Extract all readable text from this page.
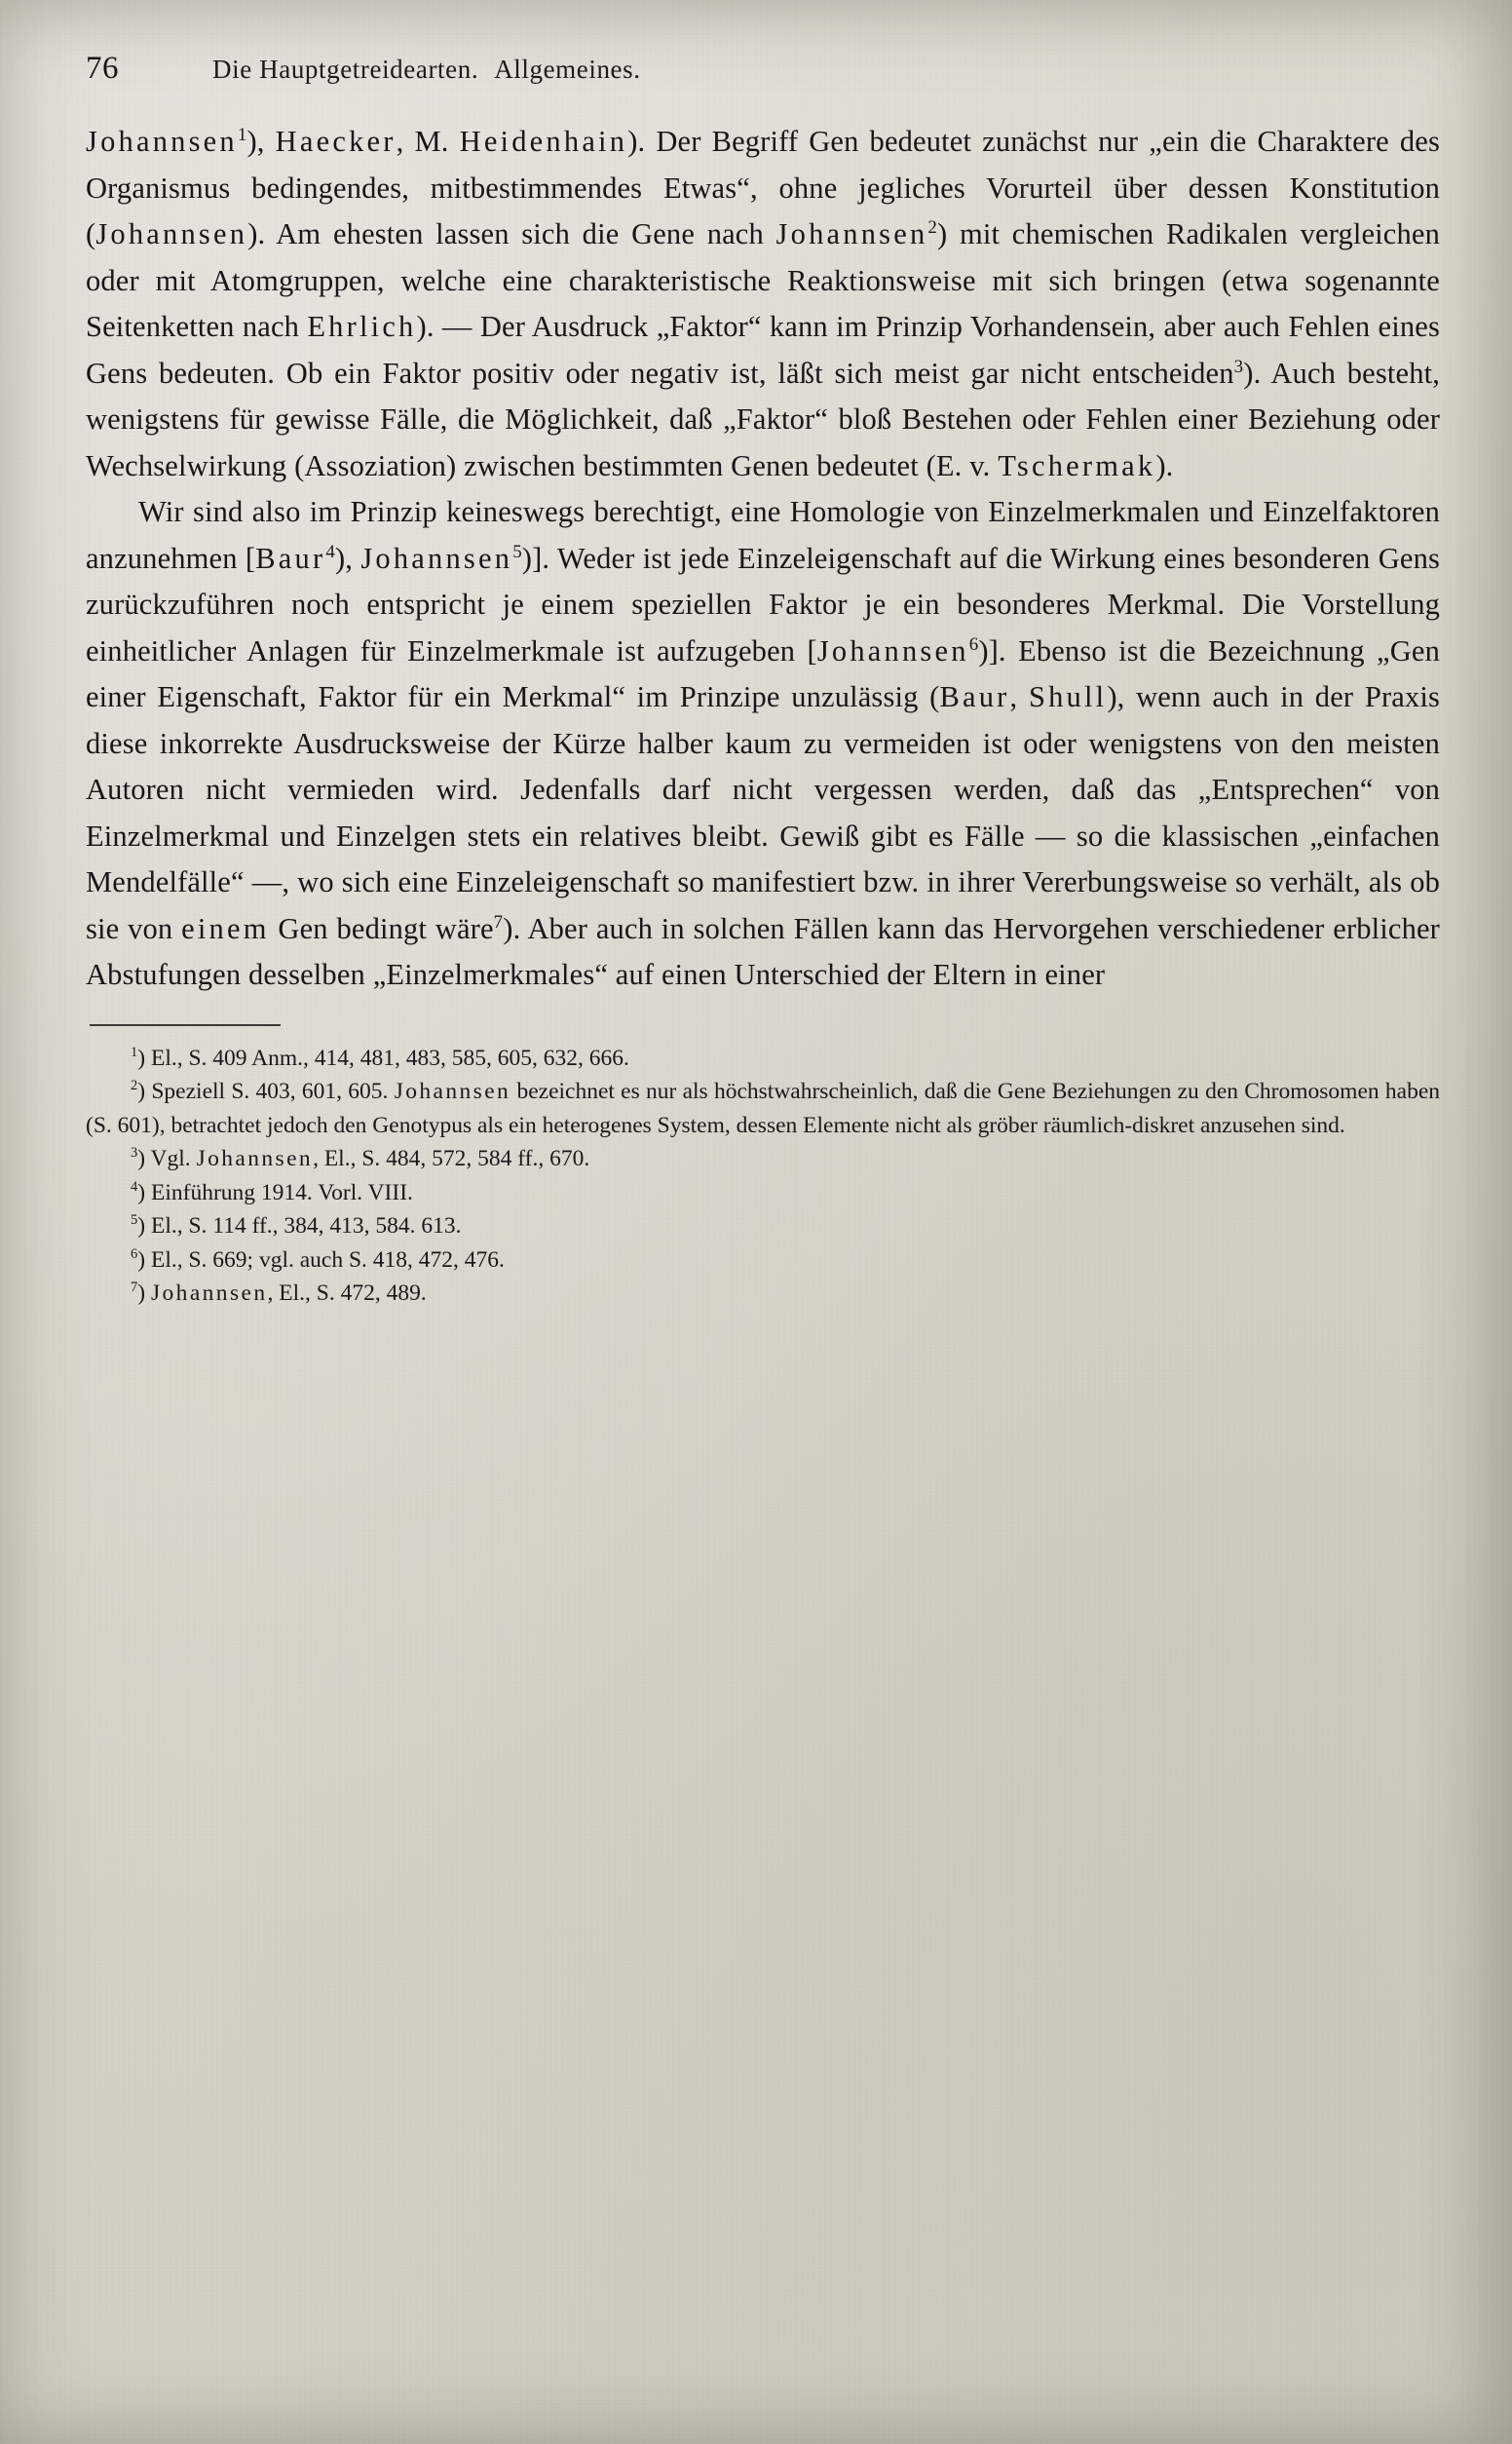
76	Die Hauptgetreidearten. Allgemeines.

Johannsen$^1$), Haecker, M. Heidenhain). Der Begriff Gen bedeutet zunächst nur „ein die Charaktere des Organismus bedingendes, mitbestimmendes Etwas“, ohne jegliches Vorurteil über dessen Konstitution (Johannsen). Am ehesten lassen sich die Gene nach Johannsen$^2$) mit chemischen Radikalen vergleichen oder mit Atomgruppen, welche eine charakteristische Reaktionsweise mit sich bringen (etwa sogenannte Seitenketten nach Ehrlich). — Der Ausdruck „Faktor“ kann im Prinzip Vorhandensein, aber auch Fehlen eines Gens bedeuten. Ob ein Faktor positiv oder negativ ist, läßt sich meist gar nicht entscheiden$^3$). Auch besteht, wenigstens für gewisse Fälle, die Möglichkeit, daß „Faktor“ bloß Bestehen oder Fehlen einer Beziehung oder Wechselwirkung (Assoziation) zwischen bestimmten Genen bedeutet (E. v. Tschermak).

Wir sind also im Prinzip keineswegs berechtigt, eine Homologie von Einzelmerkmalen und Einzelfaktoren anzunehmen [Baur$^4$), Johannsen$^5$)]. Weder ist jede Einzeleigenschaft auf die Wirkung eines besonderen Gens zurückzuführen noch entspricht je einem speziellen Faktor je ein besonderes Merkmal. Die Vorstellung einheitlicher Anlagen für Einzelmerkmale ist aufzugeben [Johannsen$^6$)]. Ebenso ist die Bezeichnung „Gen einer Eigenschaft, Faktor für ein Merkmal“ im Prinzipe unzulässig (Baur, Shull), wenn auch in der Praxis diese inkorrekte Ausdrucksweise der Kürze halber kaum zu vermeiden ist oder wenigstens von den meisten Autoren nicht vermieden wird. Jedenfalls darf nicht vergessen werden, daß das „Entsprechen“ von Einzelmerkmal und Einzelgen stets ein relatives bleibt. Gewiß gibt es Fälle — so die klassischen „einfachen Mendelfälle“ —, wo sich eine Einzeleigenschaft so manifestiert bzw. in ihrer Vererbungsweise so verhält, als ob sie von einem Gen bedingt wäre$^7$). Aber auch in solchen Fällen kann das Hervorgehen verschiedener erblicher Abstufungen desselben „Einzelmerkmales“ auf einen Unterschied der Eltern in einer

$^1$) El., S. 409 Anm., 414, 481, 483, 585, 605, 632, 666.

$^2$) Speziell S. 403, 601, 605. Johannsen bezeichnet es nur als höchstwahrscheinlich, daß die Gene Beziehungen zu den Chromosomen haben (S. 601), betrachtet jedoch den Genotypus als ein heterogenes System, dessen Elemente nicht als gröber räumlich-diskret anzusehen sind.

$^3$) Vgl. Johannsen, El., S. 484, 572, 584 ff., 670.

$^4$) Einführung 1914. Vorl. VIII.

$^5$) El., S. 114 ff., 384, 413, 584. 613.

$^6$) El., S. 669; vgl. auch S. 418, 472, 476.

$^7$) Johannsen, El., S. 472, 489.
